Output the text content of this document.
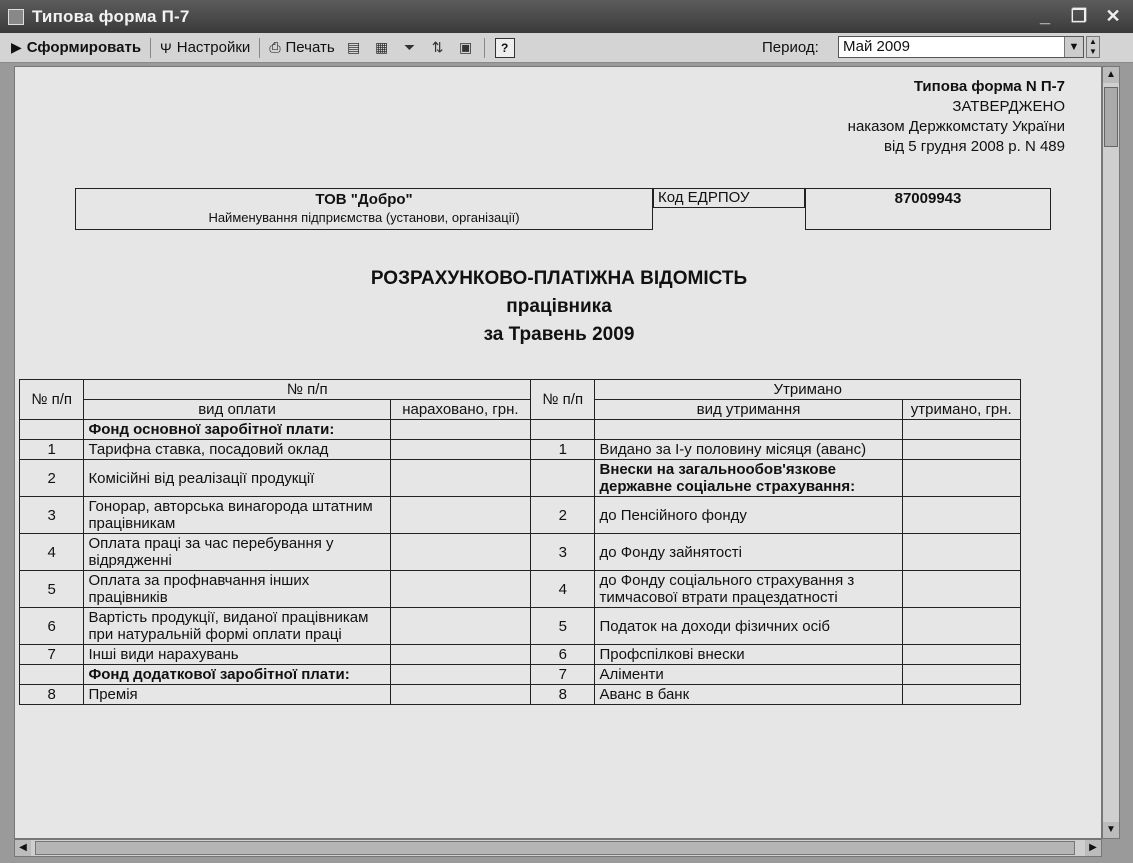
Типова форма П-7	_	❐ ✕
▶ Сформировать Ψ Настройки ⎙ Печать ▤	▦	⏷	⇅	▣	?	Период:	Май 2009	▼	▲
▼
Типова форма N П-7
ЗАТВЕРДЖЕНО
наказом Держкомстату України
від 5 грудня 2008 р. N 489
ТОВ "Добро"
Найменування підприємства (установи, організації)
Код ЕДРПОУ	87009943
РОЗРАХУНКОВО-ПЛАТІЖНА ВІДОМІСТЬ
працівника
за Травень 2009
№ п/п	№ п/п		№ п/п	Утримано	
	вид оплати	нараховано, грн.		вид утримання	утримано, грн.
	Фонд основної заробітної плати:				
1	Тарифна ставка, посадовий оклад		1	Видано за І-у половину місяця (аванс)	
2	Комісійні від реалізації продукції			Внески на загальнообов'язкове державне соціальне страхування:	
3	Гонорар, авторська винагорода штатним працівникам		2	до Пенсійного фонду	
4	Оплата праці за час перебування у відрядженні		3	до Фонду зайнятості	
5	Оплата за профнавчання інших працівників		4	до Фонду соціального страхування з тимчасової втрати працездатності	
6	Вартість продукції, виданої працівникам при натуральній формі оплати праці		5	Податок на доходи фізичних осіб	
7	Інші види нарахувань		6	Профспілкові внески	
	Фонд додаткової заробітної плати:		7	Аліменти	
8	Премія		8	Аванс в банк	
▲
▼
◀	▶
